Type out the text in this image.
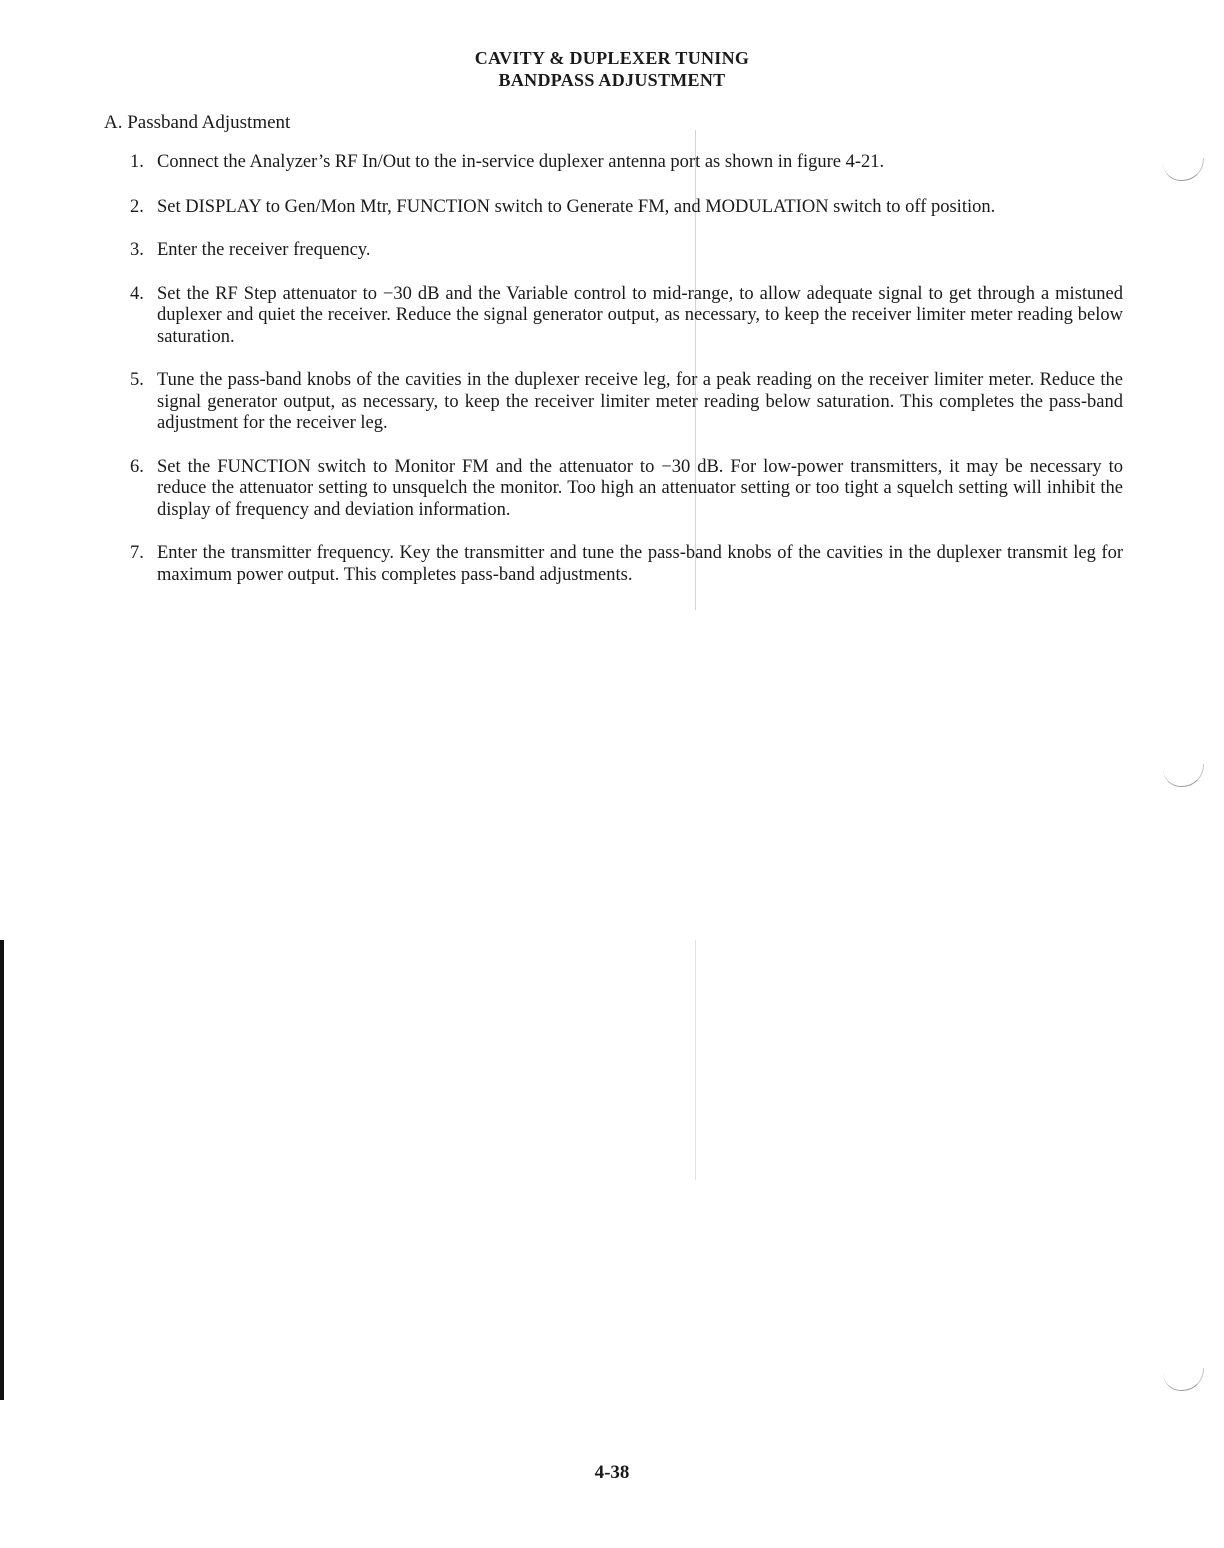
CAVITY & DUPLEXER TUNING
BANDPASS ADJUSTMENT
A. Passband Adjustment
1. Connect the Analyzer’s RF In/Out to the in-service duplexer antenna port as shown in figure 4-21.
2. Set DISPLAY to Gen/Mon Mtr, FUNCTION switch to Generate FM, and MODULATION switch to off position.
3. Enter the receiver frequency.
4. Set the RF Step attenuator to −30 dB and the Variable control to mid-range, to allow adequate signal to get through a mistuned duplexer and quiet the receiver. Reduce the signal generator output, as necessary, to keep the receiver limiter meter reading below saturation.
5. Tune the pass-band knobs of the cavities in the duplexer receive leg, for a peak reading on the receiver limiter meter. Reduce the signal generator output, as necessary, to keep the receiver limiter meter reading below saturation. This completes the pass-band adjustment for the receiver leg.
6. Set the FUNCTION switch to Monitor FM and the attenuator to −30 dB. For low-power transmitters, it may be necessary to reduce the attenuator setting to unsquelch the monitor. Too high an attenuator setting or too tight a squelch setting will inhibit the display of frequency and deviation information.
7. Enter the transmitter frequency. Key the transmitter and tune the pass-band knobs of the cavities in the duplexer transmit leg for maximum power output. This completes pass-band adjustments.
4-38
